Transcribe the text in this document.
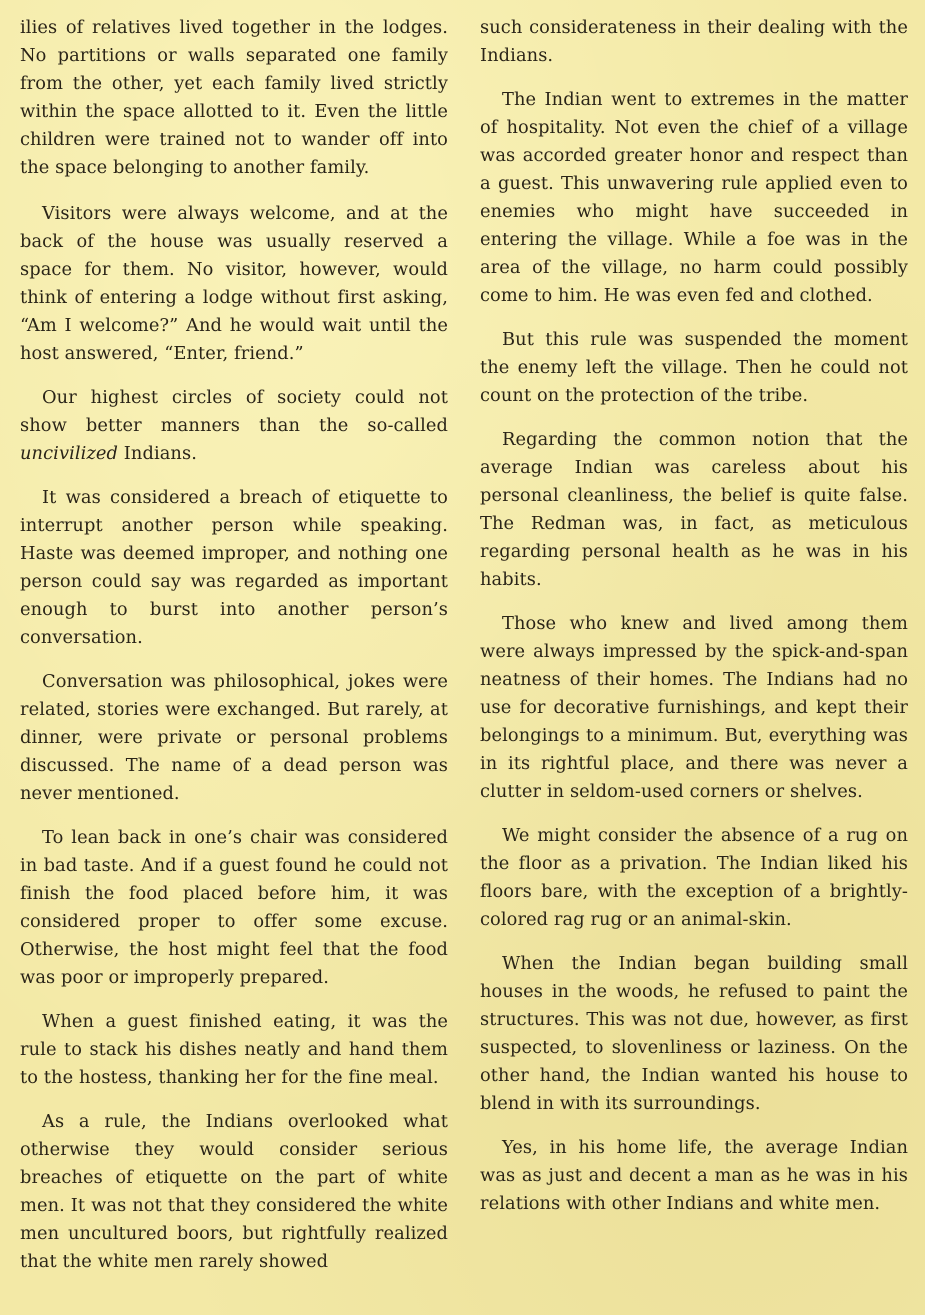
ilies of relatives lived together in the lodges. No partitions or walls separated one family from the other, yet each family lived strictly within the space allotted to it. Even the little children were trained not to wander off into the space belonging to another family.

Visitors were always welcome, and at the back of the house was usually reserved a space for them. No visitor, however, would think of entering a lodge without first asking, “Am I welcome?” And he would wait until the host answered, “Enter, friend.”

Our highest circles of society could not show better manners than the so-called uncivilized Indians.

It was considered a breach of etiquette to interrupt another person while speaking. Haste was deemed improper, and nothing one person could say was regarded as important enough to burst into another person’s conversation.

Conversation was philosophical, jokes were related, stories were exchanged. But rarely, at dinner, were private or personal problems discussed. The name of a dead person was never mentioned.

To lean back in one’s chair was considered in bad taste. And if a guest found he could not finish the food placed before him, it was considered proper to offer some excuse. Otherwise, the host might feel that the food was poor or improperly prepared.

When a guest finished eating, it was the rule to stack his dishes neatly and hand them to the hostess, thanking her for the fine meal.

As a rule, the Indians overlooked what otherwise they would consider serious breaches of etiquette on the part of white men. It was not that they considered the white men uncultured boors, but rightfully realized that the white men rarely showed

such considerateness in their dealing with the Indians.

The Indian went to extremes in the matter of hospitality. Not even the chief of a village was accorded greater honor and respect than a guest. This unwavering rule applied even to enemies who might have succeeded in entering the village. While a foe was in the area of the village, no harm could possibly come to him. He was even fed and clothed.

But this rule was suspended the moment the enemy left the village. Then he could not count on the protection of the tribe.

Regarding the common notion that the average Indian was careless about his personal cleanliness, the belief is quite false. The Redman was, in fact, as meticulous regarding personal health as he was in his habits.

Those who knew and lived among them were always impressed by the spick-and-span neatness of their homes. The Indians had no use for decorative furnishings, and kept their belongings to a minimum. But, everything was in its rightful place, and there was never a clutter in seldom-used corners or shelves.

We might consider the absence of a rug on the floor as a privation. The Indian liked his floors bare, with the exception of a brightly-colored rag rug or an animal-skin.

When the Indian began building small houses in the woods, he refused to paint the structures. This was not due, however, as first suspected, to slovenliness or laziness. On the other hand, the Indian wanted his house to blend in with its surroundings.

Yes, in his home life, the average Indian was as just and decent a man as he was in his relations with other Indians and white men.
